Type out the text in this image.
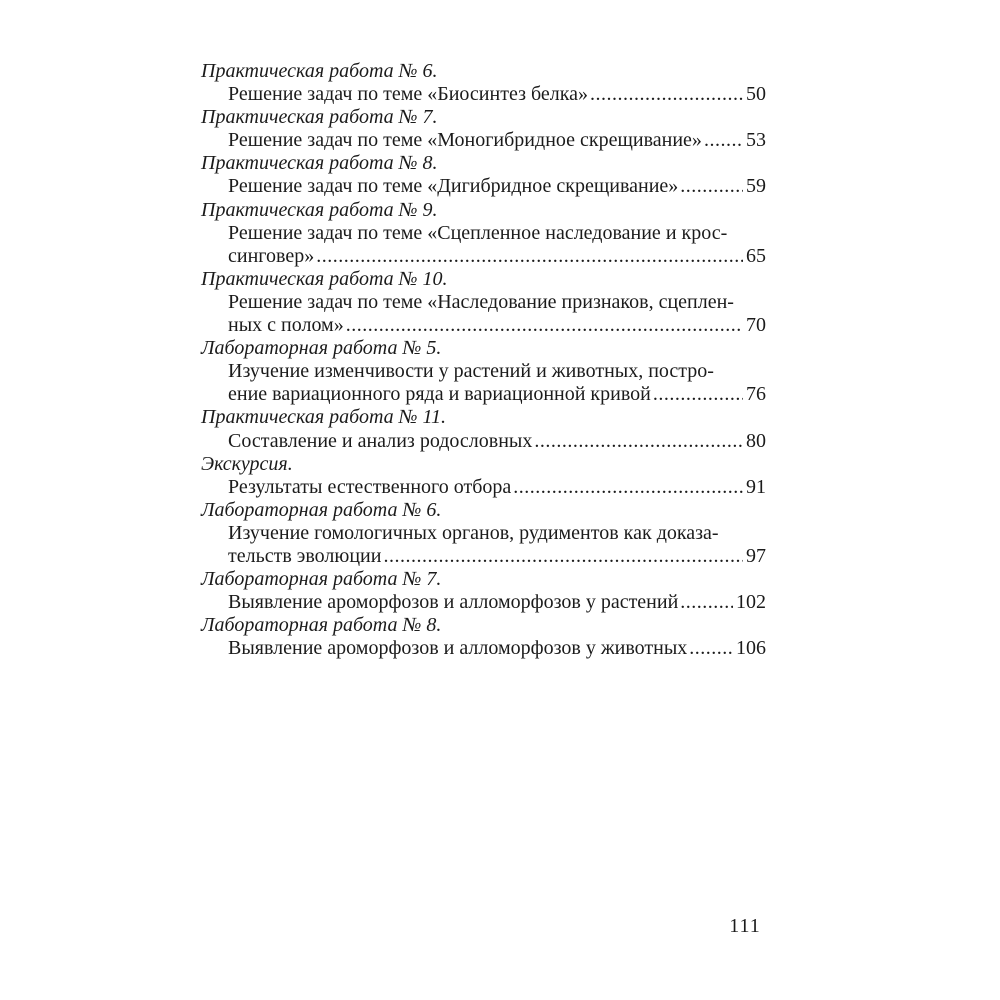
Практическая работа № 6.
Решение задач по теме «Биосинтез белка» .....	50
Практическая работа № 7.
Решение задач по теме «Моногибридное скрещивание» ..... 53
Практическая работа № 8.
Решение задач по теме «Дигибридное скрещивание» .....	59
Практическая работа № 9.
Решение задач по теме «Сцепленное наследование и крос-
синговер» .....	65
Практическая работа № 10.
Решение задач по теме «Наследование признаков, сцеплен-
ных с полом» .....	70
Лабораторная работа № 5.
Изучение изменчивости у растений и животных, постро-
ение вариационного ряда и вариационной кривой .....	76
Практическая работа № 11.
Составление и анализ родословных .....	80
Экскурсия.
Результаты естественного отбора .....	91
Лабораторная работа № 6.
Изучение гомологичных органов, рудиментов как доказа-
тельств эволюции .....	97
Лабораторная работа № 7.
Выявление ароморфозов и алломорфозов у растений .....	102
Лабораторная работа № 8.
Выявление ароморфозов и алломорфозов у животных ..... 106
111
